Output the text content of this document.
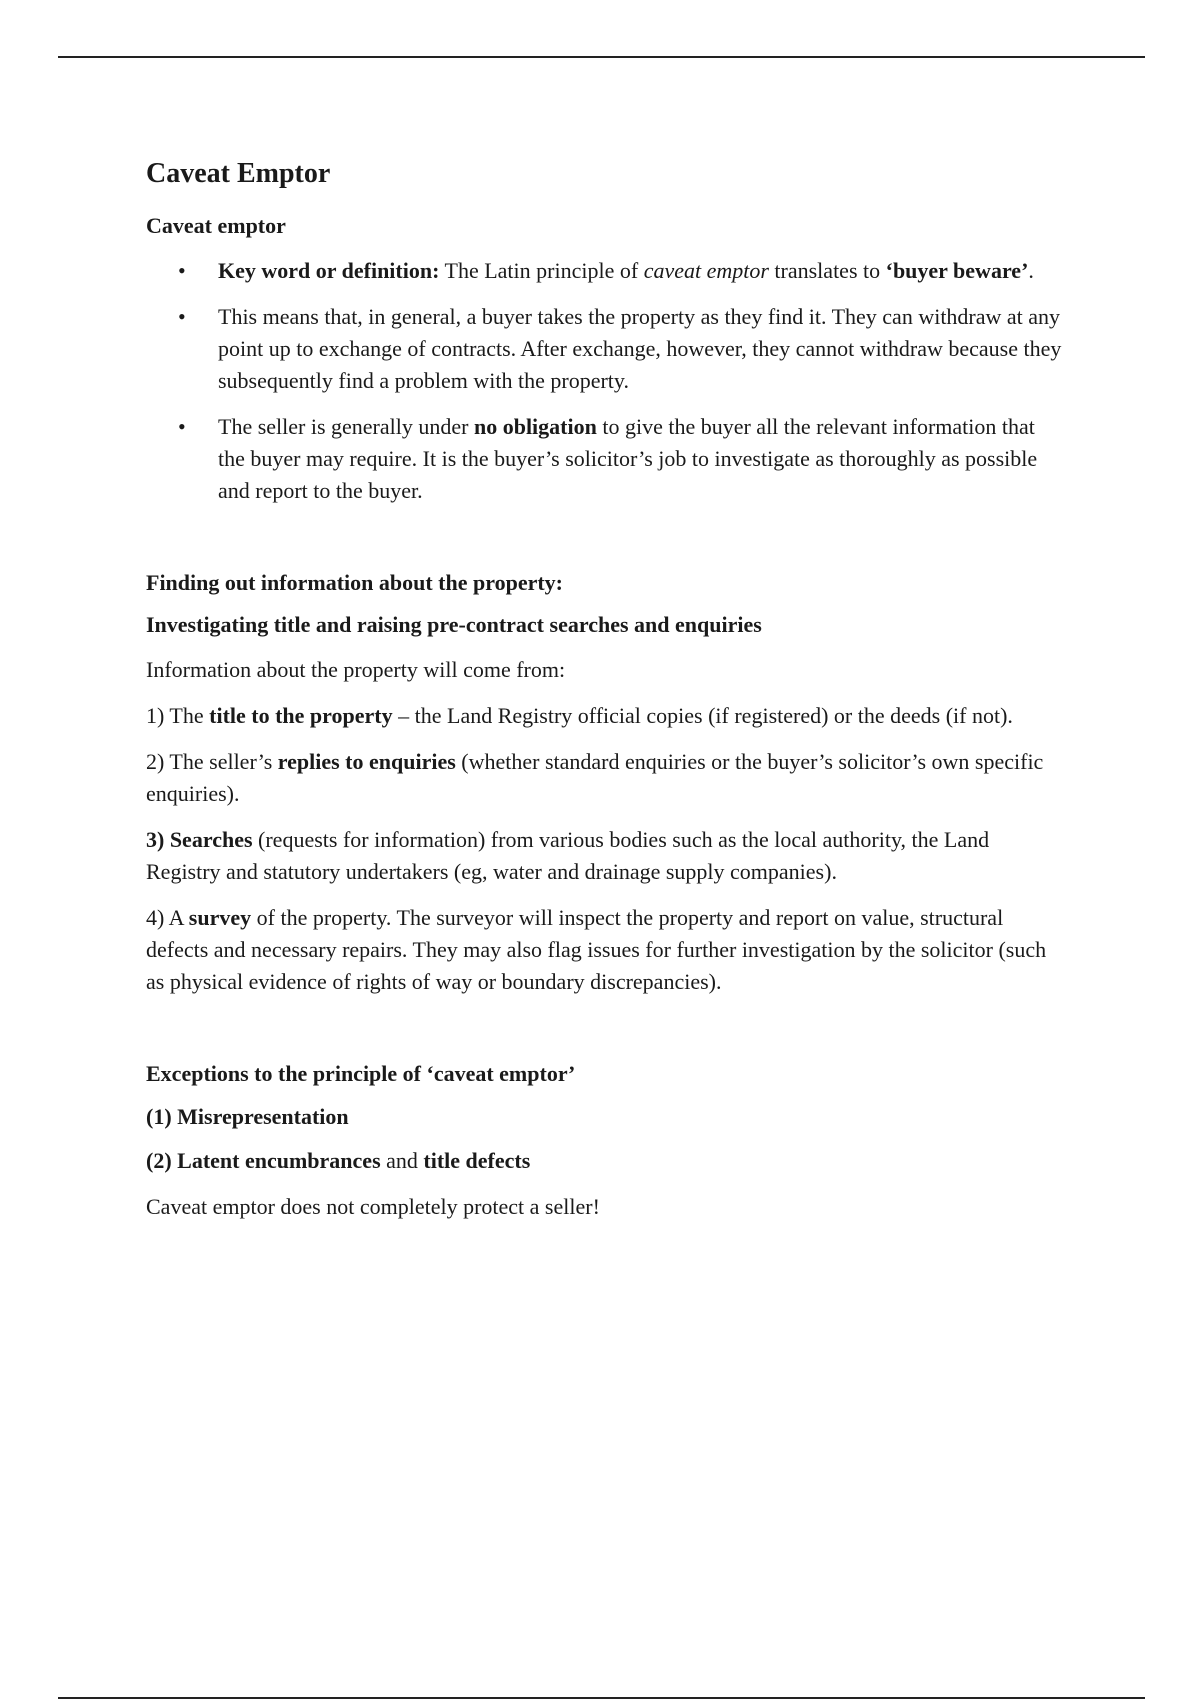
Caveat Emptor
Caveat emptor
• Key word or definition: The Latin principle of caveat emptor translates to ‘buyer beware’.
• This means that, in general, a buyer takes the property as they find it. They can withdraw at any point up to exchange of contracts. After exchange, however, they cannot withdraw because they subsequently find a problem with the property.
• The seller is generally under no obligation to give the buyer all the relevant information that the buyer may require. It is the buyer’s solicitor’s job to investigate as thoroughly as possible and report to the buyer.
Finding out information about the property:
Investigating title and raising pre-contract searches and enquiries

Information about the property will come from:

1) The title to the property – the Land Registry official copies (if registered) or the deeds (if not).

2) The seller’s replies to enquiries (whether standard enquiries or the buyer’s solicitor’s own specific enquiries).

3) Searches (requests for information) from various bodies such as the local authority, the Land Registry and statutory undertakers (eg, water and drainage supply companies).

4) A survey of the property. The surveyor will inspect the property and report on value, structural defects and necessary repairs. They may also flag issues for further investigation by the solicitor (such as physical evidence of rights of way or boundary discrepancies).

Exceptions to the principle of ‘caveat emptor’
(1) Misrepresentation

(2) Latent encumbrances and title defects

Caveat emptor does not completely protect a seller!
